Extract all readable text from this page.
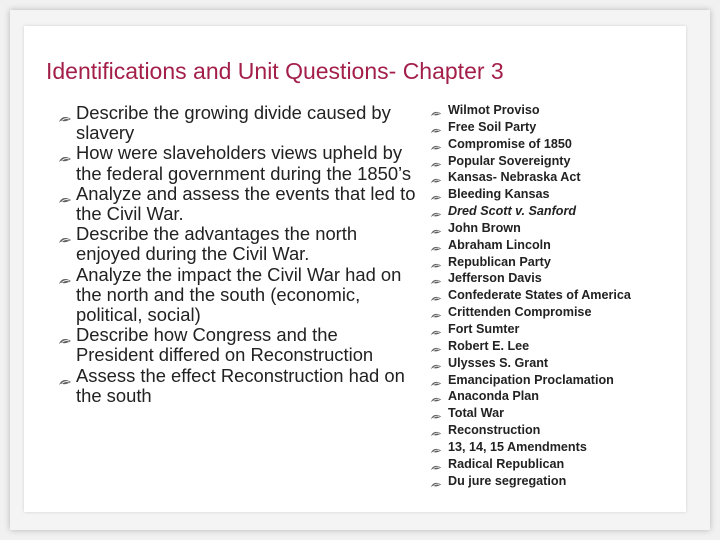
Identifications and Unit Questions- Chapter 3
Describe the growing divide caused by slavery
How were slaveholders views upheld by the federal government during the 1850’s
Analyze and assess the events that led to the Civil War.
Describe the advantages the north enjoyed during the Civil War.
Analyze the impact the Civil War had on the north and the south (economic, political, social)
Describe how Congress and the President differed on Reconstruction
Assess the effect Reconstruction had on the south
Wilmot Proviso
Free Soil Party
Compromise of 1850
Popular Sovereignty
Kansas- Nebraska Act
Bleeding Kansas
Dred Scott v. Sanford
John Brown
Abraham Lincoln
Republican Party
Jefferson Davis
Confederate States of America
Crittenden Compromise
Fort Sumter
Robert E. Lee
Ulysses S. Grant
Emancipation Proclamation
Anaconda Plan
Total War
Reconstruction
13, 14, 15 Amendments
Radical Republican
Du jure segregation
